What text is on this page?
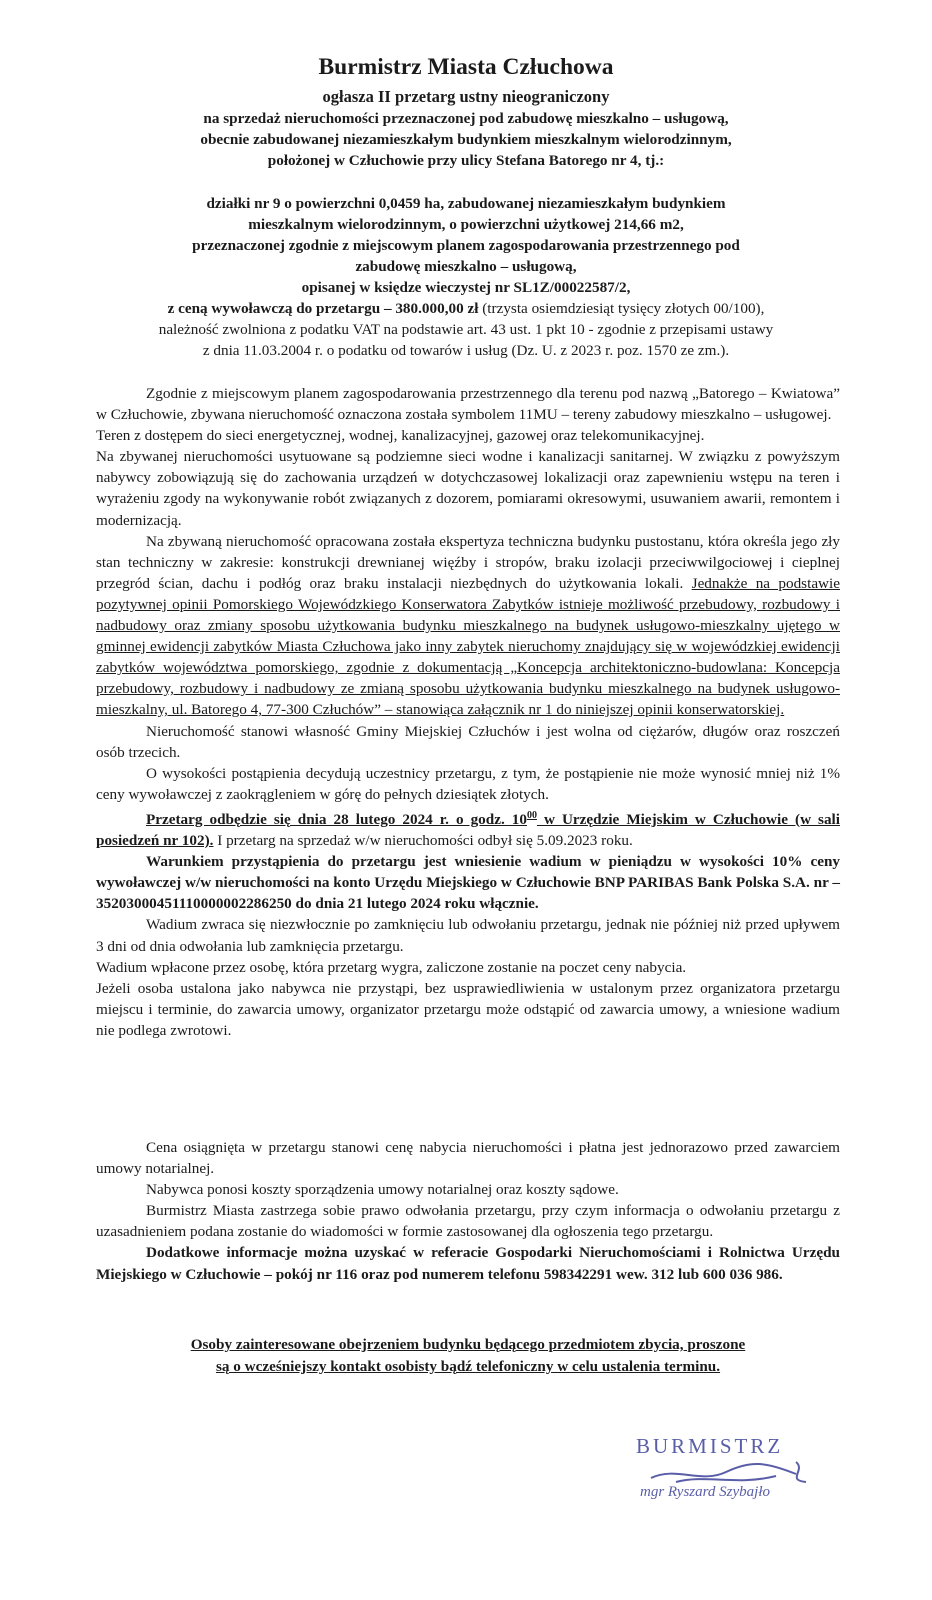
Burmistrz Miasta Człuchowa

ogłasza II przetarg ustny nieograniczony

na sprzedaż nieruchomości przeznaczonej pod zabudowę mieszkalno – usługową,

obecnie zabudowanej niezamieszkałym budynkiem mieszkalnym wielorodzinnym,

położonej w Człuchowie przy ulicy Stefana Batorego nr 4, tj.:

działki nr 9 o powierzchni 0,0459 ha, zabudowanej niezamieszkałym budynkiem

mieszkalnym wielorodzinnym, o powierzchni użytkowej 214,66 m2,

przeznaczonej zgodnie z miejscowym planem zagospodarowania przestrzennego pod

zabudowę mieszkalno – usługową,

opisanej w księdze wieczystej nr SL1Z/00022587/2,

z ceną wywoławczą do przetargu – 380.000,00 zł (trzysta osiemdziesiąt tysięcy złotych 00/100),

należność zwolniona z podatku VAT na podstawie art. 43 ust. 1 pkt 10 - zgodnie z przepisami ustawy

z dnia 11.03.2004 r. o podatku od towarów i usług (Dz. U. z 2023 r. poz. 1570 ze zm.).

Zgodnie z miejscowym planem zagospodarowania przestrzennego dla terenu pod nazwą „Batorego – Kwiatowa” w Człuchowie, zbywana nieruchomość oznaczona została symbolem 11MU – tereny zabudowy mieszkalno – usługowej.

Teren z dostępem do sieci energetycznej, wodnej, kanalizacyjnej, gazowej oraz telekomunikacyjnej.

Na zbywanej nieruchomości usytuowane są podziemne sieci wodne i kanalizacji sanitarnej. W związku z powyższym nabywcy zobowiązują się do zachowania urządzeń w dotychczasowej lokalizacji oraz zapewnieniu wstępu na teren i wyrażeniu zgody na wykonywanie robót związanych z dozorem, pomiarami okresowymi, usuwaniem awarii, remontem i modernizacją.

Na zbywaną nieruchomość opracowana została ekspertyza techniczna budynku pustostanu, która określa jego zły stan techniczny w zakresie: konstrukcji drewnianej więźby i stropów, braku izolacji przeciwwilgociowej i cieplnej przegród ścian, dachu i podłóg oraz braku instalacji niezbędnych do użytkowania lokali. Jednakże na podstawie pozytywnej opinii Pomorskiego Wojewódzkiego Konserwatora Zabytków istnieje możliwość przebudowy, rozbudowy i nadbudowy oraz zmiany sposobu użytkowania budynku mieszkalnego na budynek usługowo-mieszkalny ujętego w gminnej ewidencji zabytków Miasta Człuchowa jako inny zabytek nieruchomy znajdujący się w wojewódzkiej ewidencji zabytków województwa pomorskiego, zgodnie z dokumentacją „Koncepcja architektoniczno-budowlana: Koncepcja przebudowy, rozbudowy i nadbudowy ze zmianą sposobu użytkowania budynku mieszkalnego na budynek usługowo-mieszkalny, ul. Batorego 4, 77-300 Człuchów” – stanowiąca załącznik nr 1 do niniejszej opinii konserwatorskiej.

Nieruchomość stanowi własność Gminy Miejskiej Człuchów i jest wolna od ciężarów, długów oraz roszczeń osób trzecich.

O wysokości postąpienia decydują uczestnicy przetargu, z tym, że postąpienie nie może wynosić mniej niż 1% ceny wywoławczej z zaokrągleniem w górę do pełnych dziesiątek złotych.

Przetarg odbędzie się dnia 28 lutego 2024 r. o godz. $10^{00}$ w Urzędzie Miejskim w Człuchowie (w sali posiedzeń nr 102). I przetarg na sprzedaż w/w nieruchomości odbył się 5.09.2023 roku.

Warunkiem przystąpienia do przetargu jest wniesienie wadium w pieniądzu w wysokości 10% ceny wywoławczej w/w nieruchomości na konto Urzędu Miejskiego w Człuchowie BNP PARIBAS Bank Polska S.A. nr – 35203000451110000002286250 do dnia 21 lutego 2024 roku włącznie.

Wadium zwraca się niezwłocznie po zamknięciu lub odwołaniu przetargu, jednak nie później niż przed upływem 3 dni od dnia odwołania lub zamknięcia przetargu.

Wadium wpłacone przez osobę, która przetarg wygra, zaliczone zostanie na poczet ceny nabycia.

Jeżeli osoba ustalona jako nabywca nie przystąpi, bez usprawiedliwienia w ustalonym przez organizatora przetargu miejscu i terminie, do zawarcia umowy, organizator przetargu może odstąpić od zawarcia umowy, a wniesione wadium nie podlega zwrotowi.

Cena osiągnięta w przetargu stanowi cenę nabycia nieruchomości i płatna jest jednorazowo przed zawarciem umowy notarialnej.

Nabywca ponosi koszty sporządzenia umowy notarialnej oraz koszty sądowe.

Burmistrz Miasta zastrzega sobie prawo odwołania przetargu, przy czym informacja o odwołaniu przetargu z uzasadnieniem podana zostanie do wiadomości w formie zastosowanej dla ogłoszenia tego przetargu.

Dodatkowe informacje można uzyskać w referacie Gospodarki Nieruchomościami i Rolnictwa Urzędu Miejskiego w Człuchowie – pokój nr 116 oraz pod numerem telefonu 598342291 wew. 312 lub 600 036 986.

Osoby zainteresowane obejrzeniem budynku będącego przedmiotem zbycia, proszone

są o wcześniejszy kontakt osobisty bądź telefoniczny w celu ustalenia terminu.

BURMISTRZ
mgr Ryszard Szybajło
